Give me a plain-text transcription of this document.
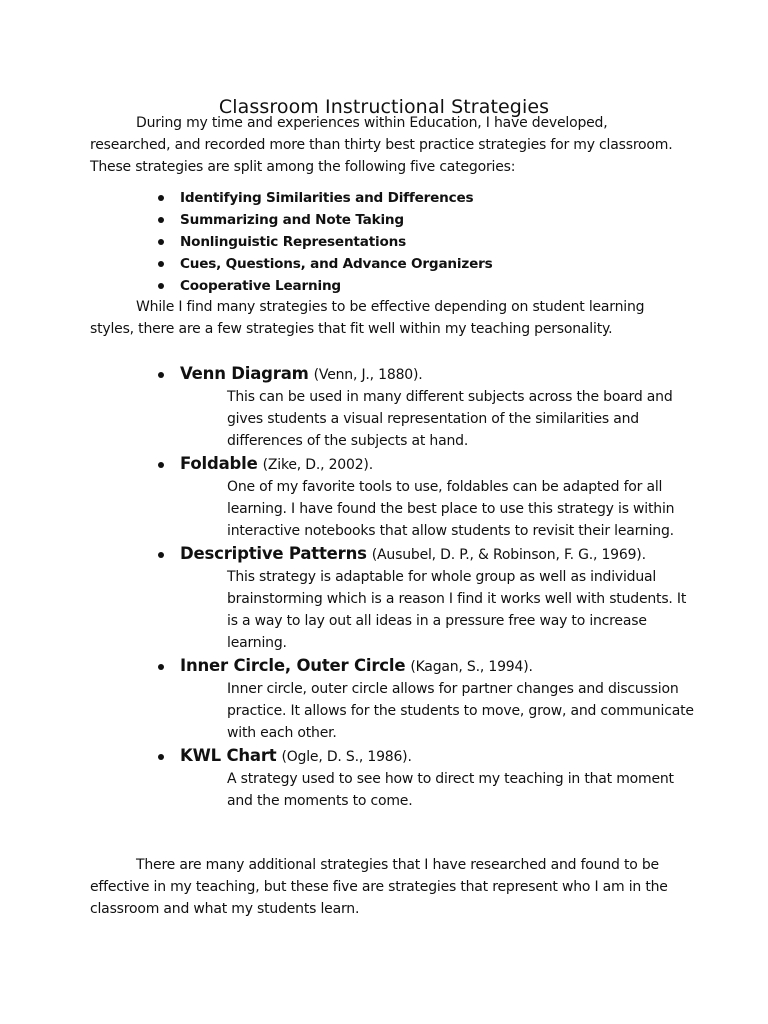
Classroom Instructional Strategies

During my time and experiences within Education, I have developed, researched, and recorded more than thirty best practice strategies for my classroom. These strategies are split among the following five categories:

Identifying Similarities and Differences
Summarizing and Note Taking
Nonlinguistic Representations
Cues, Questions, and Advance Organizers
Cooperative Learning

While I find many strategies to be effective depending on student learning styles, there are a few strategies that fit well within my teaching personality.

Venn Diagram (Venn, J., 1880).
This can be used in many different subjects across the board and gives students a visual representation of the similarities and differences of the subjects at hand.
Foldable (Zike, D., 2002).
One of my favorite tools to use, foldables can be adapted for all learning. I have found the best place to use this strategy is within interactive notebooks that allow students to revisit their learning.
Descriptive Patterns (Ausubel, D. P., & Robinson, F. G., 1969).
This strategy is adaptable for whole group as well as individual brainstorming which is a reason I find it works well with students. It is a way to lay out all ideas in a pressure free way to increase learning.
Inner Circle, Outer Circle (Kagan, S., 1994).
Inner circle, outer circle allows for partner changes and discussion practice. It allows for the students to move, grow, and communicate with each other.
KWL Chart (Ogle, D. S., 1986).
A strategy used to see how to direct my teaching in that moment and the moments to come.

There are many additional strategies that I have researched and found to be effective in my teaching, but these five are strategies that represent who I am in the classroom and what my students learn.
